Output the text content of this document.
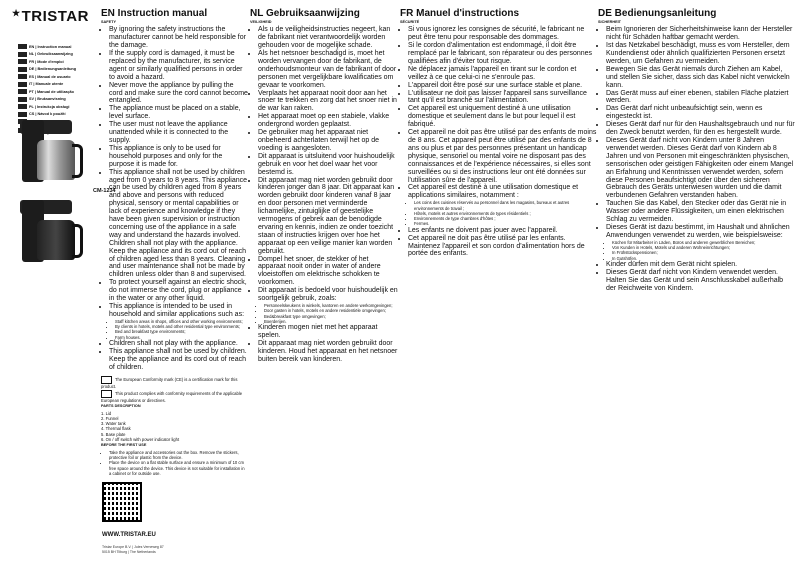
★TRISTAR
EN | Instruction manual
NL | Gebruiksaanwijzing
FR | Mode d'emploi
DE | Bedienungsanleitung
ES | Manual de usuario
IT | Manuale utente
PT | Manual de utilização
SV | Bruksanvisning
PL | Instrukcja obsługi
CS | Návod k použití
CM-1234
WWW.TRISTAR.EU
Tristar Europe B.V. | Jules Verneweg 87
5015 BH Tilburg | The Netherlands
EN Instruction manual
SAFETY
• By ignoring the safety instructions the manufacturer cannot be held responsible for the damage.
• If the supply cord is damaged, it must be replaced by the manufacturer, its service agent or similarly qualified persons in order to avoid a hazard.
• Never move the appliance by pulling the cord and make sure the cord cannot become entangled.
• The appliance must be placed on a stable, level surface.
• The user must not leave the appliance unattended while it is connected to the supply.
• This appliance is only to be used for household purposes and only for the purpose it is made for.
• This appliance shall not be used by children aged from 0 years to 8 years. This appliance can be used by children aged from 8 years and above and persons with reduced physical, sensory or mental capabilities or lack of experience and knowledge if they have been given supervision or instruction concerning use of the appliance in a safe way and understand the hazards involved. Children shall not play with the appliance. Keep the appliance and its cord out of reach of children aged less than 8 years. Cleaning and user maintenance shall not be made by children unless older than 8 and supervised.
• To protect yourself against an electric shock, do not immerse the cord, plug or appliance in the water or any other liquid.
• This appliance is intended to be used in household and similar applications such as:
• Staff kitchen areas in shops, offices and other working environments;
• By clients in hotels, motels and other residential type environments;
• Bed and breakfast type environments;
• Farm houses.
• Children shall not play with the appliance.
• This appliance shall not be used by children. Keep the appliance and its cord out of reach of children.

The European Conformity mark (CE) is a certification mark for this product.

This product complies with conformity requirements of the applicable European regulations or directives.

PARTS DESCRIPTION
1. Lid
2. Funnel
3. Water tank
4. Thermal flask
5. Base plate
6. On / off switch with power indicator light
BEFORE THE FIRST USE
• Take the appliance and accessories out the box. Remove the stickers, protective foil or plastic from the device.
• Place the device on a flat stable surface and ensure a minimum of 10 cm free space around the device. This device is not suitable for installation in a cabinet or for outside use.
NL Gebruiksaanwijzing
VEILIGHEID
• Als u de veiligheidsinstructies negeert, kan de fabrikant niet verantwoordelijk worden gehouden voor de mogelijke schade.
• Als het netsnoer beschadigd is, moet het worden vervangen door de fabrikant, de onderhoudsmonteur van de fabrikant of door personen met vergelijkbare kwalificaties om gevaar te voorkomen.
• Verplaats het apparaat nooit door aan het snoer te trekken en zorg dat het snoer niet in de war kan raken.
• Het apparaat moet op een stabiele, vlakke ondergrond worden geplaatst.
• De gebruiker mag het apparaat niet onbeheerd achterlaten terwijl het op de voeding is aangesloten.
• Dit apparaat is uitsluitend voor huishoudelijk gebruik en voor het doel waar het voor bestemd is.
• Dit apparaat mag niet worden gebruikt door kinderen jonger dan 8 jaar. Dit apparaat kan worden gebruikt door kinderen vanaf 8 jaar en door personen met verminderde lichamelijke, zintuiglijke of geestelijke vermogens of gebrek aan de benodigde ervaring en kennis, indien ze onder toezicht staan of instructies krijgen over hoe het apparaat op een veilige manier kan worden gebruikt.
• Dompel het snoer, de stekker of het apparaat nooit onder in water of andere vloeistoffen om elektrische schokken te voorkomen.
• Dit apparaat is bedoeld voor huishoudelijk en soortgelijk gebruik, zoals:
• Personeelskeukens in winkels, kantoren en andere werkomgevingen;
• Door gasten in hotels, motels en andere residentiële omgevingen;
• Bed&breakfast type omgevingen;
• Boerderijen.
• Kinderen mogen niet met het apparaat spelen.
• Dit apparaat mag niet worden gebruikt door kinderen. Houd het apparaat en het netsnoer buiten bereik van kinderen.
FR Manuel d'instructions
SÉCURITÉ
• Si vous ignorez les consignes de sécurité, le fabricant ne peut être tenu pour responsable des dommages.
• Si le cordon d'alimentation est endommagé, il doit être remplacé par le fabricant, son réparateur ou des personnes qualifiées afin d'éviter tout risque.
• Ne déplacez jamais l'appareil en tirant sur le cordon et veillez à ce que celui-ci ne s'enroule pas.
• L'appareil doit être posé sur une surface stable et plane.
• L'utilisateur ne doit pas laisser l'appareil sans surveillance tant qu'il est branché sur l'alimentation.
• Cet appareil est uniquement destiné à une utilisation domestique et seulement dans le but pour lequel il est fabriqué.
• Cet appareil ne doit pas être utilisé par des enfants de moins de 8 ans. Cet appareil peut être utilisé par des enfants de 8 ans ou plus et par des personnes présentant un handicap physique, sensoriel ou mental voire ne disposant pas des connaissances et de l'expérience nécessaires, si elles sont surveillées ou si des instructions leur ont été données sur l'utilisation sûre de l'appareil.
• Cet appareil est destiné à une utilisation domestique et applications similaires, notamment :
• Les coins des cuisines réservés au personnel dans les magasins, bureaux et autres environnements de travail ;
• Hôtels, motels et autres environnements de types résidentiels ;
• Environnements de type chambres d'hôtes ;
• Fermes.
• Les enfants ne doivent pas jouer avec l'appareil.
• Cet appareil ne doit pas être utilisé par les enfants. Maintenez l'appareil et son cordon d'alimentation hors de portée des enfants.
DE Bedienungsanleitung
SICHERHEIT
• Beim Ignorieren der Sicherheitshinweise kann der Hersteller nicht für Schäden haftbar gemacht werden.
• Ist das Netzkabel beschädigt, muss es vom Hersteller, dem Kundendienst oder ähnlich qualifizierten Personen ersetzt werden, um Gefahren zu vermeiden.
• Bewegen Sie das Gerät niemals durch Ziehen am Kabel, und stellen Sie sicher, dass sich das Kabel nicht verwickeln kann.
• Das Gerät muss auf einer ebenen, stabilen Fläche platziert werden.
• Das Gerät darf nicht unbeaufsichtigt sein, wenn es eingesteckt ist.
• Dieses Gerät darf nur für den Haushaltsgebrauch und nur für den Zweck benutzt werden, für den es hergestellt wurde.
• Dieses Gerät darf nicht von Kindern unter 8 Jahren verwendet werden. Dieses Gerät darf von Kindern ab 8 Jahren und von Personen mit eingeschränkten physischen, sensorischen oder geistigen Fähigkeiten oder einem Mangel an Erfahrung und Kenntnissen verwendet werden, sofern diese Personen beaufsichtigt oder über den sicheren Gebrauch des Geräts unterwiesen wurden und die damit verbundenen Gefahren verstanden haben.
• Tauchen Sie das Kabel, den Stecker oder das Gerät nie in Wasser oder andere Flüssigkeiten, um einen elektrischen Schlag zu vermeiden.
• Dieses Gerät ist dazu bestimmt, im Haushalt und ähnlichen Anwendungen verwendet zu werden, wie beispielsweise:
• Küchen für Mitarbeiter in Läden, Büros und anderen gewerblichen Bereichen;
• Von Kunden in Hotels, Motels und anderen Wohneinrichtungen;
• In Frühstückspensionen;
• In Gutshöfen.
• Kinder dürfen mit dem Gerät nicht spielen.
• Dieses Gerät darf nicht von Kindern verwendet werden. Halten Sie das Gerät und sein Anschlusskabel außerhalb der Reichweite von Kindern.
